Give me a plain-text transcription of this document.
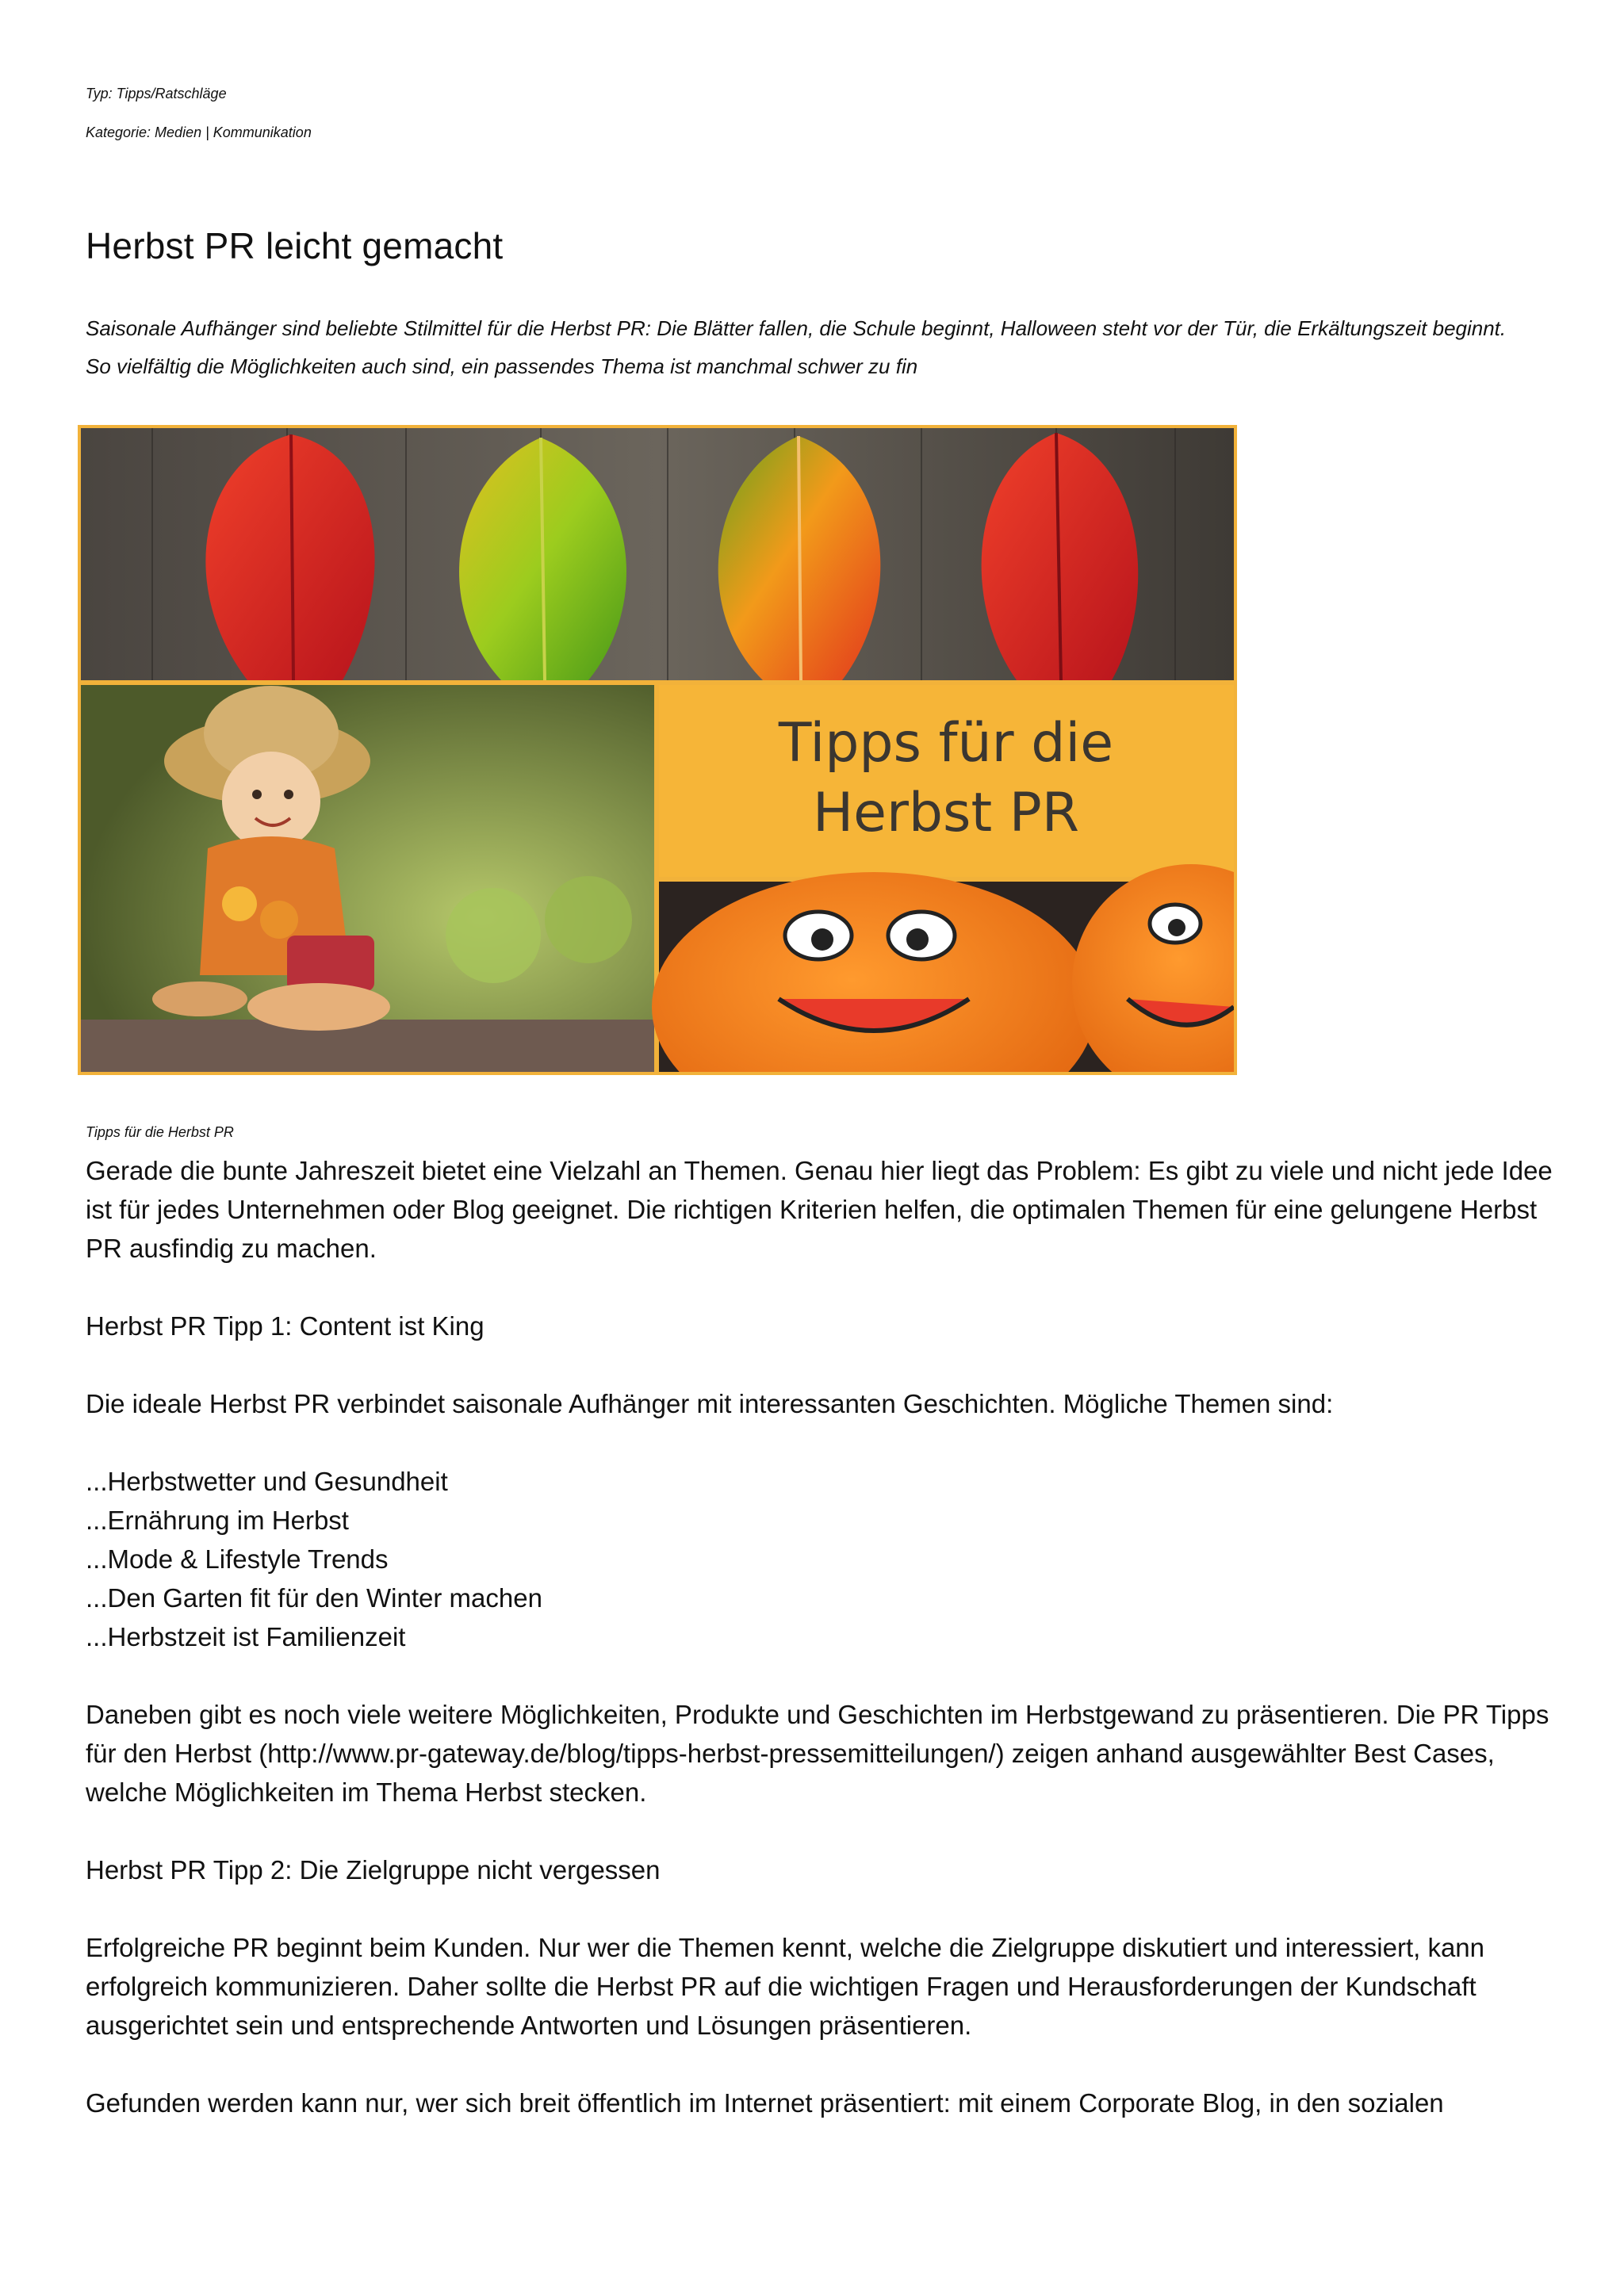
Typ: Tipps/Ratschläge
Kategorie: Medien | Kommunikation
Herbst PR leicht gemacht

Saisonale Aufhänger sind beliebte Stilmittel für die Herbst PR: Die Blätter fallen, die Schule beginnt, Halloween steht vor der Tür, die Erkältungszeit beginnt. So vielfältig die Möglichkeiten auch sind, ein passendes Thema ist manchmal schwer zu fin

Tipps für die
Herbst PR
Tipps für die Herbst PR

Gerade die bunte Jahreszeit bietet eine Vielzahl an Themen. Genau hier liegt das Problem: Es gibt zu viele und nicht jede Idee ist für jedes Unternehmen oder Blog geeignet. Die richtigen Kriterien helfen, die optimalen Themen für eine gelungene Herbst PR ausfindig zu machen.

Herbst PR Tipp 1: Content ist King

Die ideale Herbst PR verbindet saisonale Aufhänger mit interessanten Geschichten. Mögliche Themen sind:

...Herbstwetter und Gesundheit
...Ernährung im Herbst
...Mode & Lifestyle Trends
...Den Garten fit für den Winter machen
...Herbstzeit ist Familienzeit

Daneben gibt es noch viele weitere Möglichkeiten, Produkte und Geschichten im Herbstgewand zu präsentieren. Die PR Tipps für den Herbst (http://www.pr-gateway.de/blog/tipps-herbst-pressemitteilungen/) zeigen anhand ausgewählter Best Cases, welche Möglichkeiten im Thema Herbst stecken.

Herbst PR Tipp 2: Die Zielgruppe nicht vergessen

Erfolgreiche PR beginnt beim Kunden. Nur wer die Themen kennt, welche die Zielgruppe diskutiert und interessiert, kann erfolgreich kommunizieren. Daher sollte die Herbst PR auf die wichtigen Fragen und Herausforderungen der Kundschaft ausgerichtet sein und entsprechende Antworten und Lösungen präsentieren.

Gefunden werden kann nur, wer sich breit öffentlich im Internet präsentiert: mit einem Corporate Blog, in den sozialen
